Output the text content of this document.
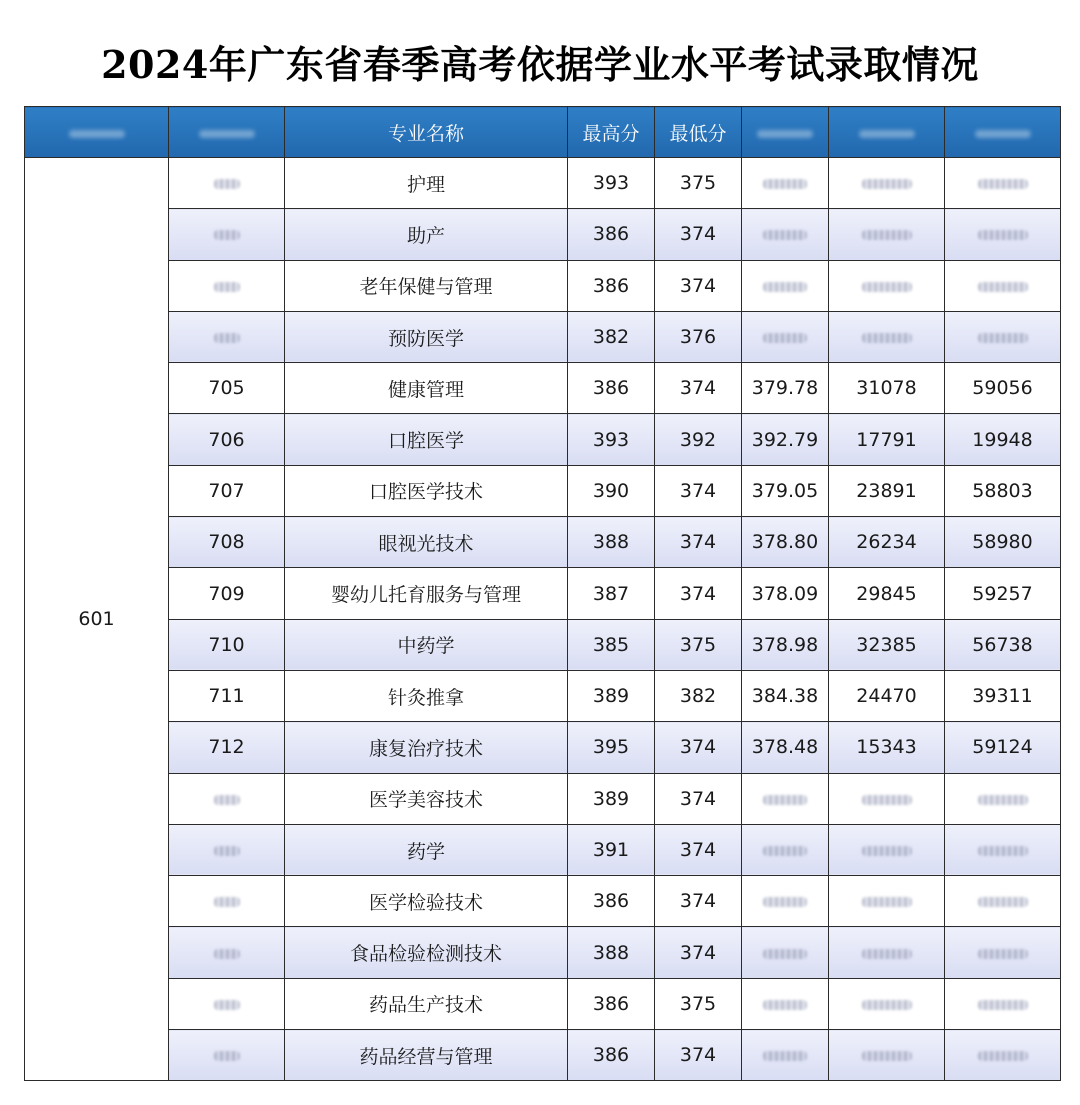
2024年广东省春季高考依据学业水平考试录取情况
		专业名称	最高分	最低分			
601		护理	393	375			
		助产	386	374			
		老年保健与管理	386	374			
		预防医学	382	376			
	705	健康管理	386	374	379.78	31078	59056
	706	口腔医学	393	392	392.79	17791	19948
	707	口腔医学技术	390	374	379.05	23891	58803
	708	眼视光技术	388	374	378.80	26234	58980
	709	婴幼儿托育服务与管理	387	374	378.09	29845	59257
	710	中药学	385	375	378.98	32385	56738
	711	针灸推拿	389	382	384.38	24470	39311
	712	康复治疗技术	395	374	378.48	15343	59124
		医学美容技术	389	374			
		药学	391	374			
		医学检验技术	386	374			
		食品检验检测技术	388	374			
		药品生产技术	386	375			
		药品经营与管理	386	374			
